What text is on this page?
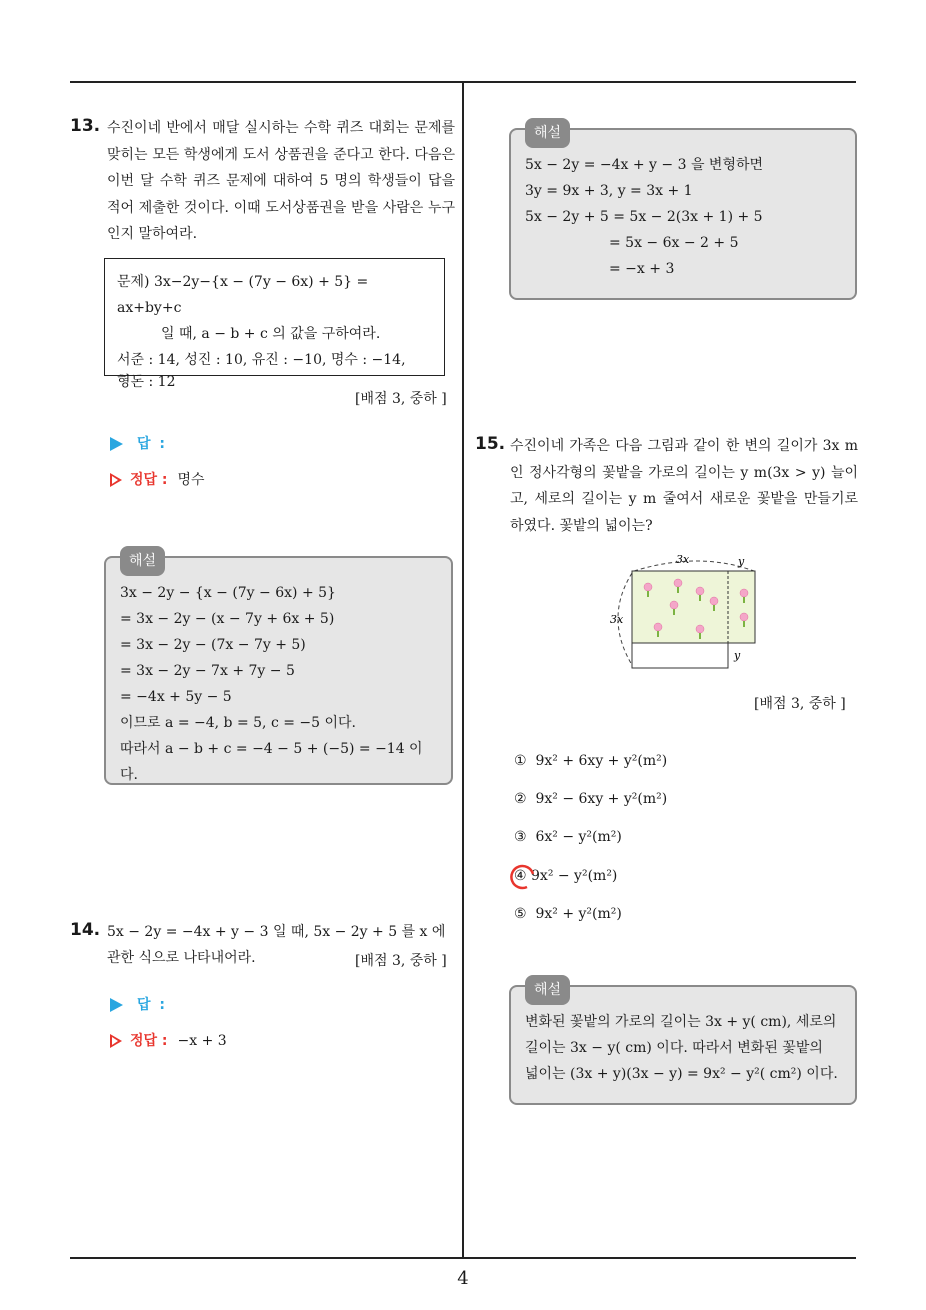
13. 수진이네 반에서 매달 실시하는 수학 퀴즈 대회는 문제를 맞히는 모든 학생에게 도서 상품권을 준다고 한다. 다음은 이번 달 수학 퀴즈 문제에 대하여 5 명의 학생들이 답을 적어 제출한 것이다. 이때 도서상품권을 받을 사람은 누구인지 말하여라.
문제) 3x−2y−{x − (7y − 6x) + 5} = ax+by+c
일 때, a − b + c 의 값을 구하여라.
서준 : 14, 성진 : 10, 유진 : −10, 명수 : −14,
형돈 : 12
[배점 3, 중하 ]
답 :
정답 : 명수
해설
3x − 2y − {x − (7y − 6x) + 5}
= 3x − 2y − (x − 7y + 6x + 5)
= 3x − 2y − (7x − 7y + 5)
= 3x − 2y − 7x + 7y − 5
= −4x + 5y − 5
이므로 a = −4, b = 5, c = −5 이다.
따라서 a − b + c = −4 − 5 + (−5) = −14 이다.
14. 5x − 2y = −4x + y − 3 일 때, 5x − 2y + 5 를 x 에
관한 식으로 나타내어라.	[배점 3, 중하 ]
답 :
정답 : −x + 3
해설
5x − 2y = −4x + y − 3 을 변형하면
3y = 9x + 3, y = 3x + 1
5x − 2y + 5 = 5x − 2(3x + 1) + 5
= 5x − 6x − 2 + 5
= −x + 3
15. 수진이네 가족은 다음 그림과 같이 한 변의 길이가 3x m 인 정사각형의 꽃밭을 가로의 길이는 y m(3x > y) 늘이고, 세로의 길이는 y m 줄여서 새로운 꽃밭을 만들기로 하였다. 꽃밭의 넓이는?
3x
3x
y
y
[배점 3, 중하 ]
① 9x² + 6xy + y²(m²)
② 9x² − 6xy + y²(m²)
③ 6x² − y²(m²)
④ 9x² − y²(m²)
⑤ 9x² + y²(m²)
해설
변화된 꽃밭의 가로의 길이는 3x + y( cm), 세로의
길이는 3x − y( cm) 이다. 따라서 변화된 꽃밭의
넓이는 (3x + y)(3x − y) = 9x² − y²( cm²) 이다.
4
